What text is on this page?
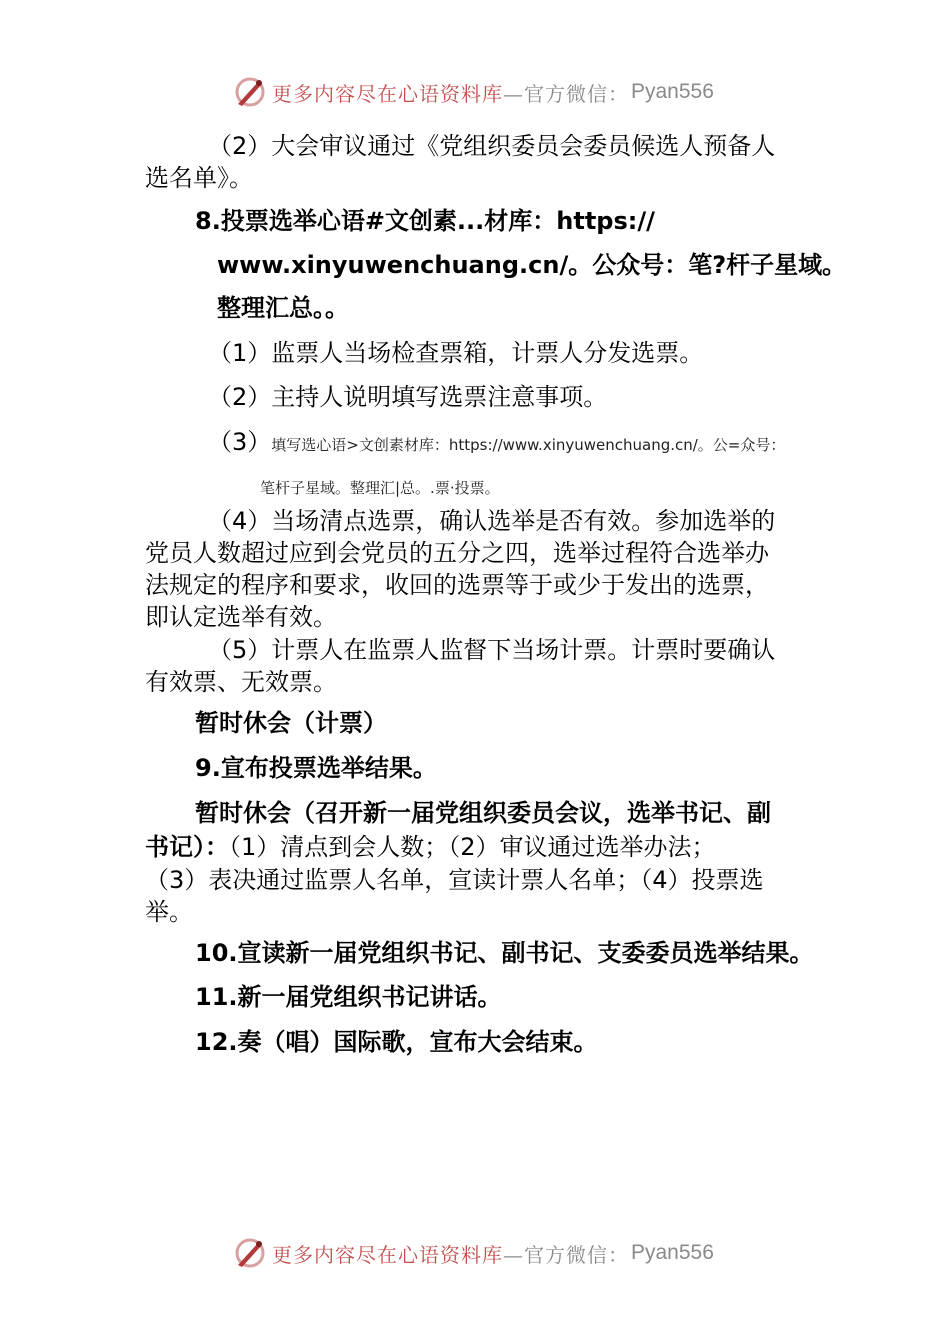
更多内容尽在心语资料库 —官方微信： Pyan556
（2）大会审议通过《党组织委员会委员候选人预备人
选名单》。
8.投票选举心语#文创素...材库：https://
www.xinyuwenchuang.cn/。公众号：笔?杆子星域。
整理汇总。。
（1）监票人当场检查票箱，计票人分发选票。
（2）主持人说明填写选票注意事项。
（3）填写选心语>文创素材库：https://www.xinyuwenchuang.cn/。公=众号：
笔杆子星域。整理汇|总。.票·投票。
（4）当场清点选票，确认选举是否有效。参加选举的
党员人数超过应到会党员的五分之四，选举过程符合选举办
法规定的程序和要求，收回的选票等于或少于发出的选票，
即认定选举有效。
（5）计票人在监票人监督下当场计票。计票时要确认
有效票、无效票。
暂时休会（计票）
9.宣布投票选举结果。
暂时休会（召开新一届党组织委员会议，选举书记、副
书记）：（1）清点到会人数；（2）审议通过选举办法；
（3）表决通过监票人名单，宣读计票人名单；（4）投票选
举。
10.宣读新一届党组织书记、副书记、支委委员选举结果。
11.新一届党组织书记讲话。
12.奏（唱）国际歌，宣布大会结束。
更多内容尽在心语资料库 —官方微信： Pyan556
